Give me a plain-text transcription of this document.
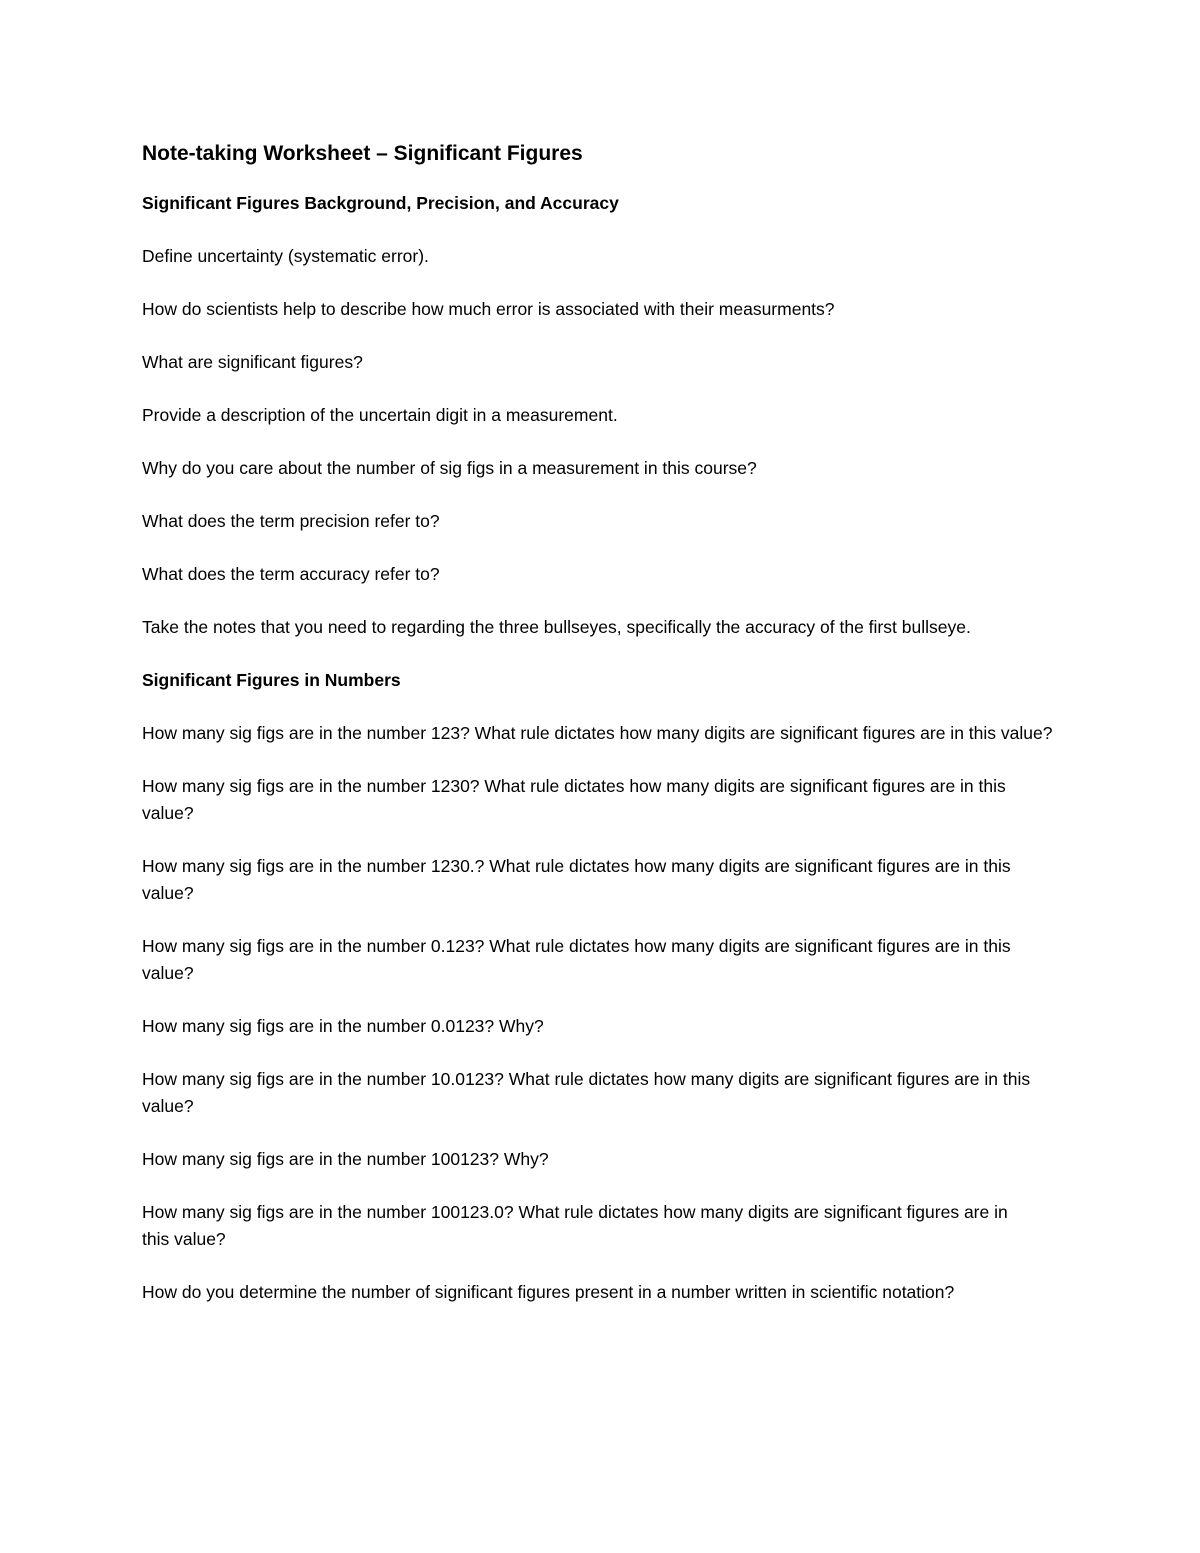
Note-taking Worksheet – Significant Figures
Significant Figures Background, Precision, and Accuracy
Define uncertainty (systematic error).
How do scientists help to describe how much error is associated with their measurments?
What are significant figures?
Provide a description of the uncertain digit in a measurement.
Why do you care about the number of sig figs in a measurement in this course?
What does the term precision refer to?
What does the term accuracy refer to?
Take the notes that you need to regarding the three bullseyes, specifically the accuracy of the first bullseye.
Significant Figures in Numbers
How many sig figs are in the number 123? What rule dictates how many digits are significant figures are in this value?
How many sig figs are in the number 1230? What rule dictates how many digits are significant figures are in this value?
How many sig figs are in the number 1230.? What rule dictates how many digits are significant figures are in this value?
How many sig figs are in the number 0.123? What rule dictates how many digits are significant figures are in this value?
How many sig figs are in the number 0.0123? Why?
How many sig figs are in the number 10.0123? What rule dictates how many digits are significant figures are in this value?
How many sig figs are in the number 100123? Why?
How many sig figs are in the number 100123.0? What rule dictates how many digits are significant figures are in this value?
How do you determine the number of significant figures present in a number written in scientific notation?
